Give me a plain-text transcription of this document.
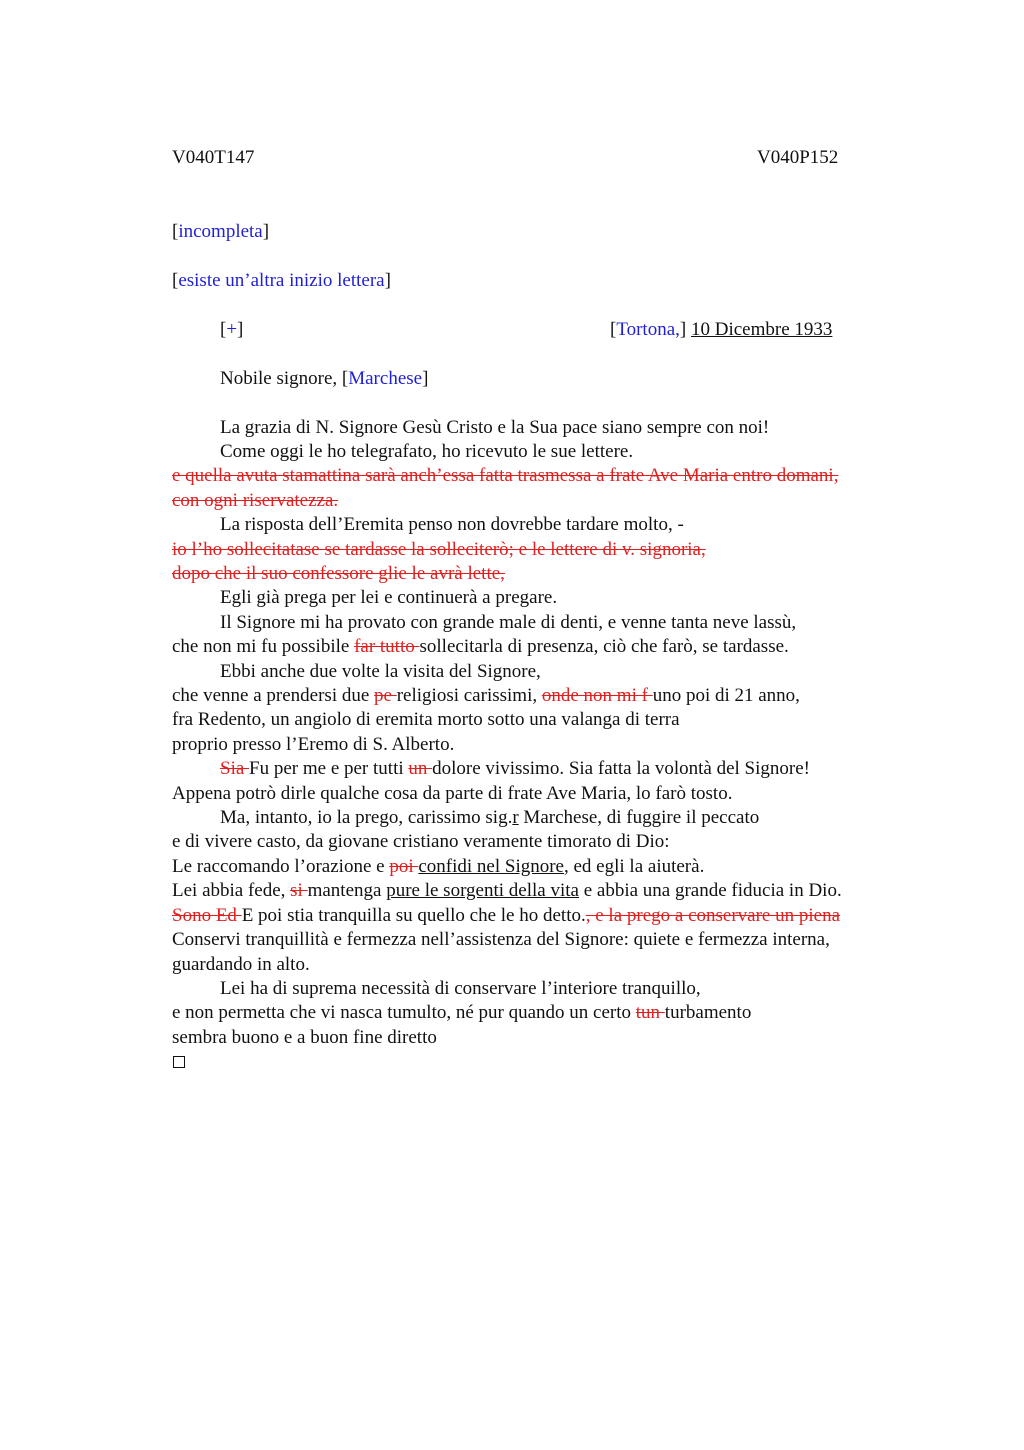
V040T147	V040P152
[incompleta]
[esiste un’altra inizio lettera]
[+]	[Tortona,] 10 Dicembre 1933
Nobile signore, [Marchese]
La grazia di N. Signore Gesù Cristo e la Sua pace siano sempre con noi!
Come oggi le ho telegrafato, ho ricevuto le sue lettere.
e quella avuta stamattina sarà anch’essa fatta trasmessa a frate Ave Maria entro domani,
con ogni riservatezza.
La risposta dell’Eremita penso non dovrebbe tardare molto, -
io l’ho sollecitatase se tardasse la solleciterò; e le lettere di v. signoria,
dopo che il suo confessore glie le avrà lette,
Egli già prega per lei e continuerà a pregare.
Il Signore mi ha provato con grande male di denti, e venne tanta neve lassù,
che non mi fu possibile far tutto sollecitarla di presenza, ciò che farò, se tardasse.
Ebbi anche due volte la visita del Signore,
che venne a prendersi due pe religiosi carissimi, onde non mi f uno poi di 21 anno,
fra Redento, un angiolo di eremita morto sotto una valanga di terra
proprio presso l’Eremo di S. Alberto.
Sia Fu per me e per tutti un dolore vivissimo. Sia fatta la volontà del Signore!
Appena potrò dirle qualche cosa da parte di frate Ave Maria, lo farò tosto.
Ma, intanto, io la prego, carissimo sig.r Marchese, di fuggire il peccato
e di vivere casto, da giovane cristiano veramente timorato di Dio:
Le raccomando l’orazione e poi confidi nel Signore, ed egli la aiuterà.
Lei abbia fede, si mantenga pure le sorgenti della vita e abbia una grande fiducia in Dio.
Sono Ed E poi stia tranquilla su quello che le ho detto., e la prego a conservare un piena
Conservi tranquillità e fermezza nell’assistenza del Signore: quiete e fermezza interna,
guardando in alto.
Lei ha di suprema necessità di conservare l’interiore tranquillo,
e non permetta che vi nasca tumulto, né pur quando un certo tun turbamento
sembra buono e a buon fine diretto
